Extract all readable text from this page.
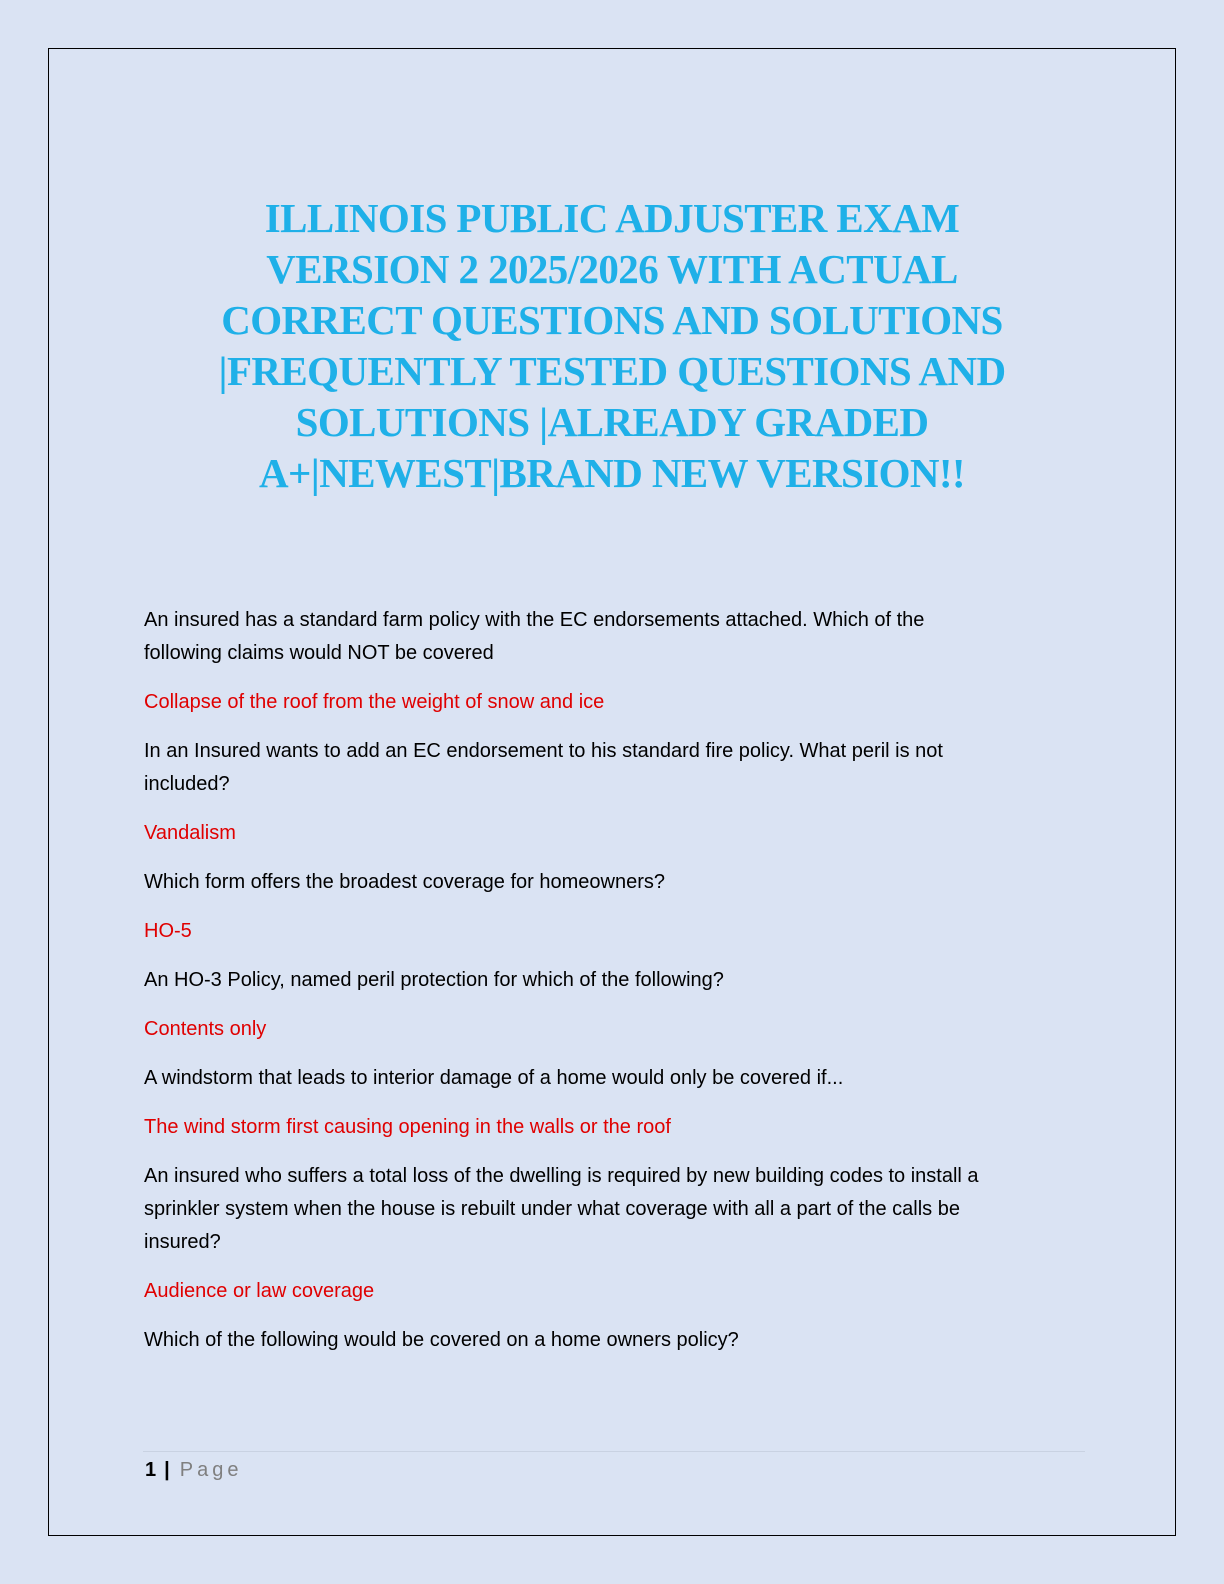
ILLINOIS PUBLIC ADJUSTER EXAM
VERSION 2 2025/2026 WITH ACTUAL
CORRECT QUESTIONS AND SOLUTIONS
|FREQUENTLY TESTED QUESTIONS AND
SOLUTIONS |ALREADY GRADED
A+|NEWEST|BRAND NEW VERSION!!

An insured has a standard farm policy with the EC endorsements attached. Which of the
following claims would NOT be covered

Collapse of the roof from the weight of snow and ice

In an Insured wants to add an EC endorsement to his standard fire policy. What peril is not
included?

Vandalism

Which form offers the broadest coverage for homeowners?

HO-5

An HO-3 Policy, named peril protection for which of the following?

Contents only

A windstorm that leads to interior damage of a home would only be covered if...

The wind storm first causing opening in the walls or the roof

An insured who suffers a total loss of the dwelling is required by new building codes to install a
sprinkler system when the house is rebuilt under what coverage with all a part of the calls be
insured?

Audience or law coverage

Which of the following would be covered on a home owners policy?

1 | Page
